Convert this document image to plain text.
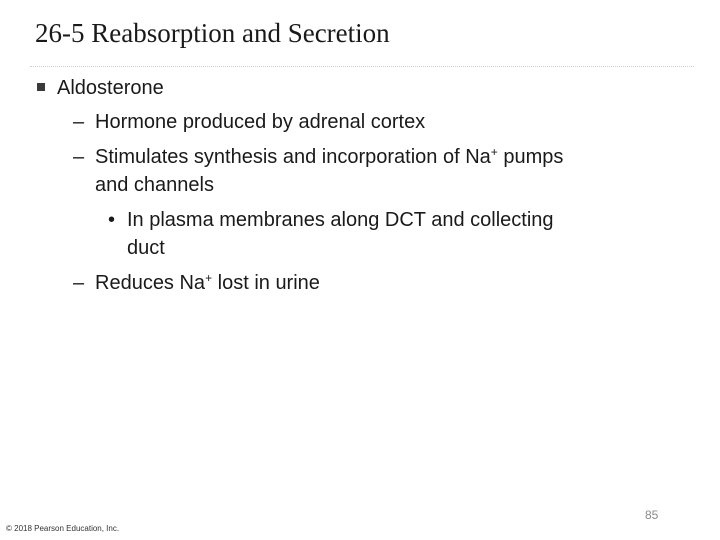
26-5 Reabsorption and Secretion
Aldosterone
– Hormone produced by adrenal cortex
– Stimulates synthesis and incorporation of Na+ pumps
and channels
• In plasma membranes along DCT and collecting
duct
– Reduces Na+ lost in urine
85
© 2018 Pearson Education, Inc.
